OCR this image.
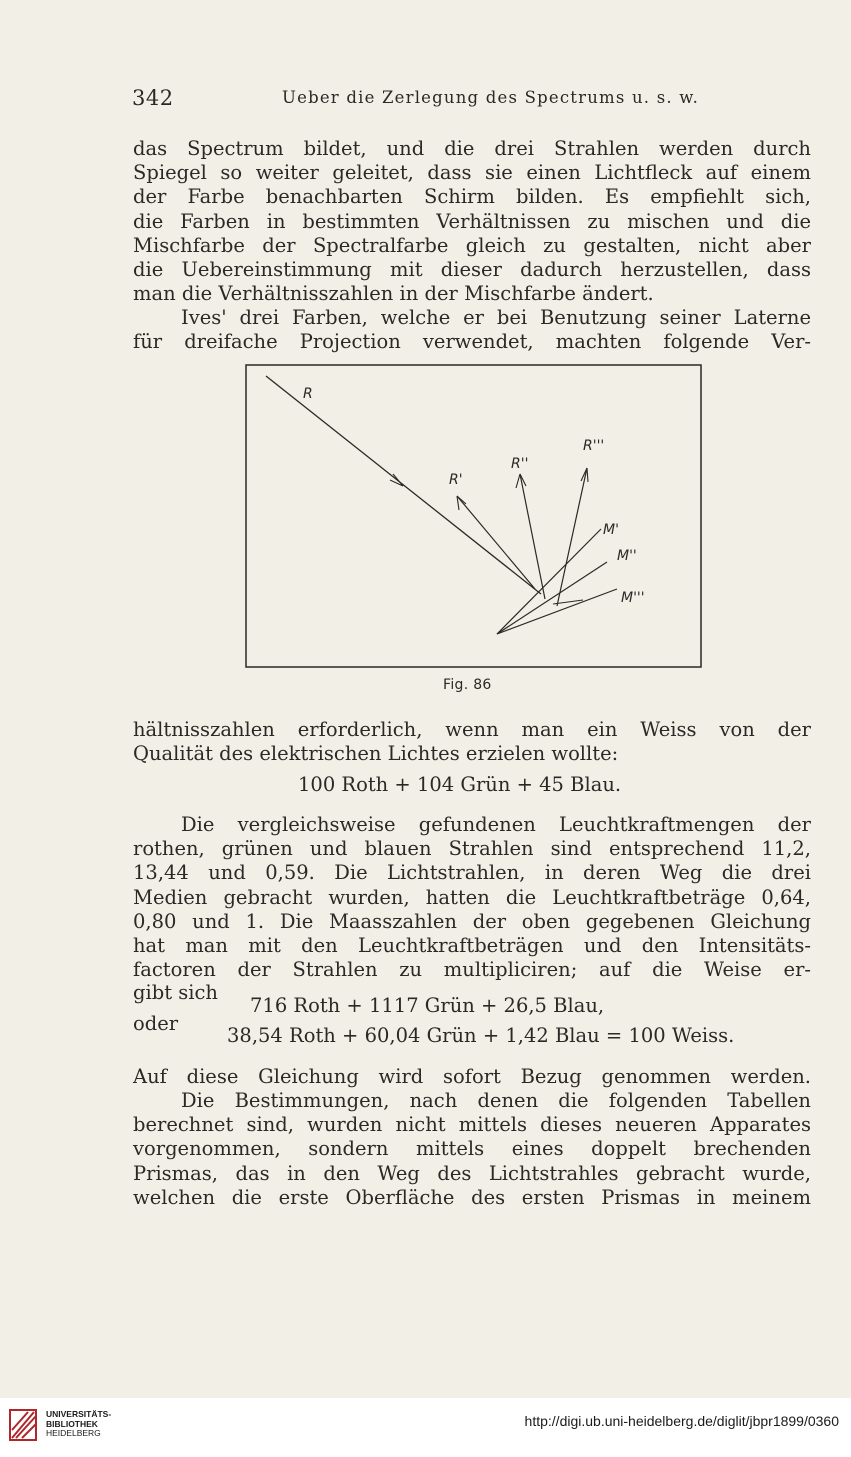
342	Ueber die Zerlegung des Spectrums u. s. w.

das Spectrum bildet, und die drei Strahlen werden durch
Spiegel so weiter geleitet, dass sie einen Lichtfleck auf einem
der Farbe benachbarten Schirm bilden. Es empfiehlt sich,
die Farben in bestimmten Verhältnissen zu mischen und die
Mischfarbe der Spectralfarbe gleich zu gestalten, nicht aber
die Uebereinstimmung mit dieser dadurch herzustellen, dass
man die Verhältnisszahlen in der Mischfarbe ändert.

Ives' drei Farben, welche er bei Benutzung seiner Laterne
für dreifache Projection verwendet, machten folgende Ver-

R
R'
R''
R'''
M'
M''
M'''
Fig. 86

hältnisszahlen erforderlich, wenn man ein Weiss von der
Qualität des elektrischen Lichtes erzielen wollte:

100 Roth + 104 Grün + 45 Blau.

Die vergleichsweise gefundenen Leuchtkraftmengen der
rothen, grünen und blauen Strahlen sind entsprechend 11,2,
13,44 und 0,59. Die Lichtstrahlen, in deren Weg die drei
Medien gebracht wurden, hatten die Leuchtkraftbeträge 0,64,
0,80 und 1. Die Maasszahlen der oben gegebenen Gleichung
hat man mit den Leuchtkraftbeträgen und den Intensitäts-
factoren der Strahlen zu multipliciren; auf die Weise er-

gibt sich
716 Roth + 1117 Grün + 26,5 Blau,
oder
38,54 Roth + 60,04 Grün + 1,42 Blau = 100 Weiss.

Auf diese Gleichung wird sofort Bezug genommen werden.

Die Bestimmungen, nach denen die folgenden Tabellen
berechnet sind, wurden nicht mittels dieses neueren Apparates
vorgenommen, sondern mittels eines doppelt brechenden
Prismas, das in den Weg des Lichtstrahles gebracht wurde,
welchen die erste Oberfläche des ersten Prismas in meinem

UNIVERSITÄTS-
BIBLIOTHEK
HEIDELBERG
http://digi.ub.uni-heidelberg.de/diglit/jbpr1899/0360
